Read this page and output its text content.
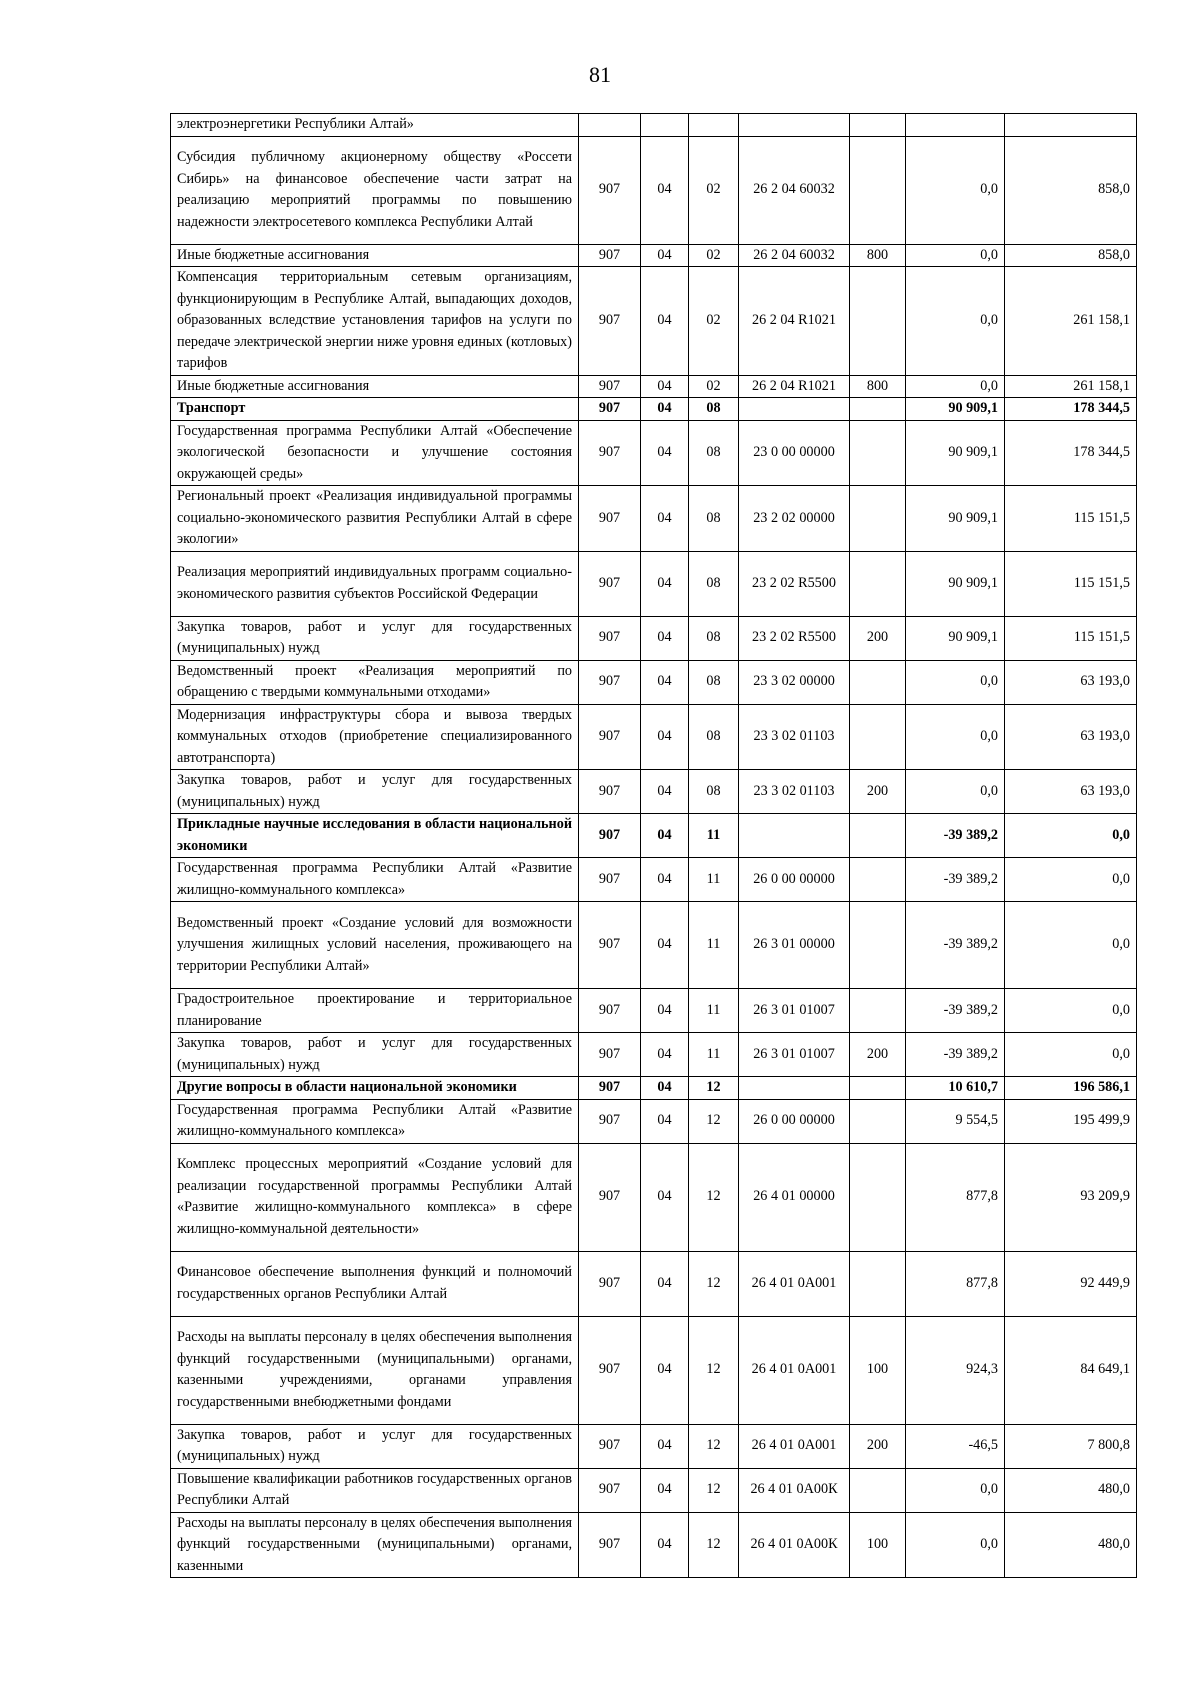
81
электроэнергетики Республики Алтай»							
Субсидия публичному акционерному обществу «Россети Сибирь» на финансовое обеспечение части затрат на реализацию мероприятий программы по повышению надежности электросетевого комплекса Республики Алтай	907	04	02	26 2 04 60032		0,0	858,0
Иные бюджетные ассигнования	907	04	02	26 2 04 60032	800	0,0	858,0
Компенсация территориальным сетевым организациям, функционирующим в Республике Алтай, выпадающих доходов, образованных вследствие установления тарифов на услуги по передаче электрической энергии ниже уровня единых (котловых) тарифов	907	04	02	26 2 04 R1021		0,0	261 158,1
Иные бюджетные ассигнования	907	04	02	26 2 04 R1021	800	0,0	261 158,1
Транспорт	907	04	08			90 909,1	178 344,5
Государственная программа Республики Алтай «Обеспечение экологической безопасности и улучшение состояния окружающей среды»	907	04	08	23 0 00 00000		90 909,1	178 344,5
Региональный проект «Реализация индивидуальной программы социально-экономического развития Республики Алтай в сфере экологии»	907	04	08	23 2 02 00000		90 909,1	115 151,5
Реализация мероприятий индивидуальных программ социально-экономического развития субъектов Российской Федерации	907	04	08	23 2 02 R5500		90 909,1	115 151,5
Закупка товаров, работ и услуг для государственных (муниципальных) нужд	907	04	08	23 2 02 R5500	200	90 909,1	115 151,5
Ведомственный проект «Реализация мероприятий по обращению с твердыми коммунальными отходами»	907	04	08	23 3 02 00000		0,0	63 193,0
Модернизация инфраструктуры сбора и вывоза твердых коммунальных отходов (приобретение специализированного автотранспорта)	907	04	08	23 3 02 01103		0,0	63 193,0
Закупка товаров, работ и услуг для государственных (муниципальных) нужд	907	04	08	23 3 02 01103	200	0,0	63 193,0
Прикладные научные исследования в области национальной экономики	907	04	11			-39 389,2	0,0
Государственная программа Республики Алтай «Развитие жилищно-коммунального комплекса»	907	04	11	26 0 00 00000		-39 389,2	0,0
Ведомственный проект «Создание условий для возможности улучшения жилищных условий населения, проживающего на территории Республики Алтай»	907	04	11	26 3 01 00000		-39 389,2	0,0
Градостроительное проектирование и территориальное планирование	907	04	11	26 3 01 01007		-39 389,2	0,0
Закупка товаров, работ и услуг для государственных (муниципальных) нужд	907	04	11	26 3 01 01007	200	-39 389,2	0,0
Другие вопросы в области национальной экономики	907	04	12			10 610,7	196 586,1
Государственная программа Республики Алтай «Развитие жилищно-коммунального комплекса»	907	04	12	26 0 00 00000		9 554,5	195 499,9
Комплекс процессных мероприятий «Создание условий для реализации государственной программы Республики Алтай «Развитие жилищно-коммунального комплекса» в сфере жилищно-коммунальной деятельности»	907	04	12	26 4 01 00000		877,8	93 209,9
Финансовое обеспечение выполнения функций и полномочий государственных органов Республики Алтай	907	04	12	26 4 01 0А001		877,8	92 449,9
Расходы на выплаты персоналу в целях обеспечения выполнения функций государственными (муниципальными) органами, казенными учреждениями, органами управления государственными внебюджетными фондами	907	04	12	26 4 01 0А001	100	924,3	84 649,1
Закупка товаров, работ и услуг для государственных (муниципальных) нужд	907	04	12	26 4 01 0А001	200	-46,5	7 800,8
Повышение квалификации работников государственных органов Республики Алтай	907	04	12	26 4 01 0А00К		0,0	480,0
Расходы на выплаты персоналу в целях обеспечения выполнения функций государственными (муниципальными) органами, казенными	907	04	12	26 4 01 0А00К	100	0,0	480,0
